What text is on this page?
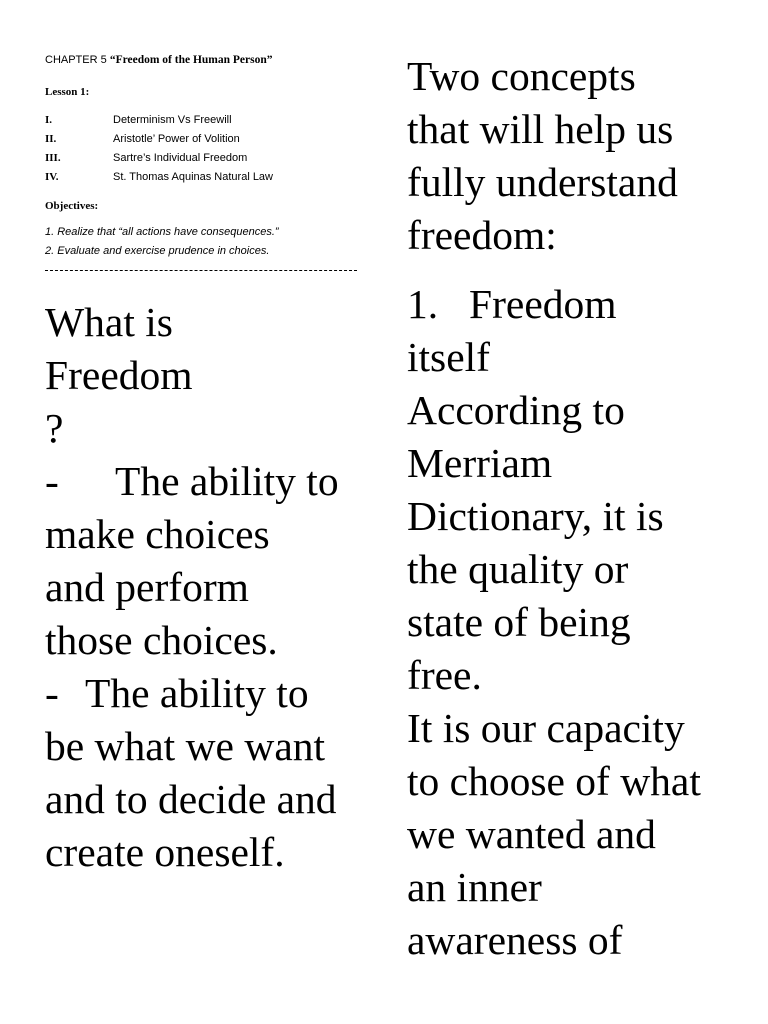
CHAPTER 5 “Freedom of the Human Person”
Lesson 1:
I.	Determinism Vs Freewill
II.	Aristotle’ Power of Volition
III.	Sartre’s Individual Freedom
IV.	St. Thomas Aquinas Natural Law
Objectives:
1. Realize that “all actions have consequences.”
2. Evaluate and exercise prudence in choices.
What is
Freedom
?
- The ability to
make choices
and perform
those choices.
- The ability to
be what we want
and to decide and
create oneself.
Two concepts
that will help us
fully understand
freedom:
1. Freedom
itself
According to
Merriam
Dictionary, it is
the quality or
state of being
free.
It is our capacity
to choose of what
we wanted and
an inner
awareness of
